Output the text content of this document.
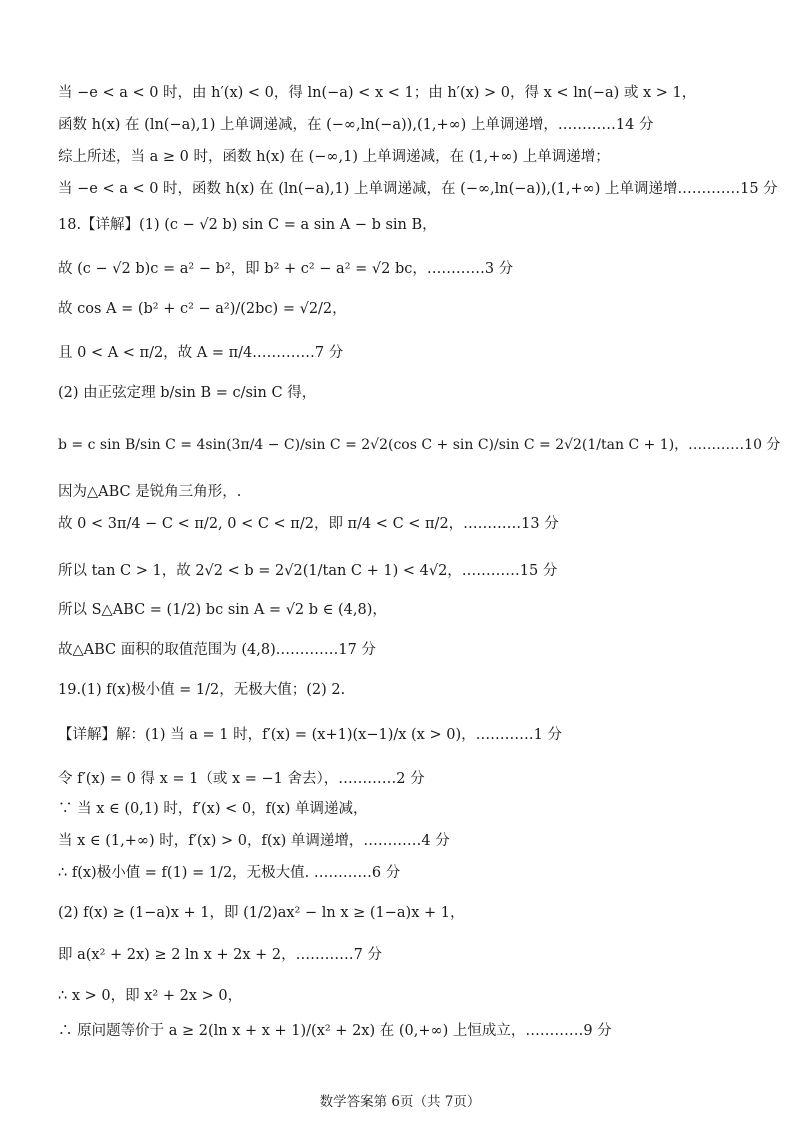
当 −e < a < 0 时，由 h′(x) < 0，得 ln(−a) < x < 1；由 h′(x) > 0，得 x < ln(−a) 或 x > 1，
函数 h(x) 在 (ln(−a),1) 上单调递减，在 (−∞,ln(−a)),(1,+∞) 上单调递增，…………14 分
综上所述，当 a ≥ 0 时，函数 h(x) 在 (−∞,1) 上单调递减，在 (1,+∞) 上单调递增；
当 −e < a < 0 时，函数 h(x) 在 (ln(−a),1) 上单调递减，在 (−∞,ln(−a)),(1,+∞) 上单调递增.…………15 分
18.【详解】(1) (c − √2 b) sin C = a sin A − b sin B，
故 (c − √2 b)c = a² − b²，即 b² + c² − a² = √2 bc，…………3 分
故 cos A = (b² + c² − a²)/(2bc) = √2/2，
且 0 < A < π/2，故 A = π/4.…………7 分
(2) 由正弦定理 b/sin B = c/sin C 得，
b = c sin B/sin C = 4sin(3π/4 − C)/sin C = 2√2(cos C + sin C)/sin C = 2√2(1/tan C + 1)，…………10 分
因为△ABC 是锐角三角形，.
故 0 < 3π/4 − C < π/2, 0 < C < π/2，即 π/4 < C < π/2，…………13 分
所以 tan C > 1，故 2√2 < b = 2√2(1/tan C + 1) < 4√2，…………15 分
所以 S△ABC = (1/2) bc sin A = √2 b ∈ (4,8)，
故△ABC 面积的取值范围为 (4,8).…………17 分
19.(1) f(x)极小值 = 1/2，无极大值；(2) 2.
【详解】解：(1) 当 a = 1 时，f′(x) = (x+1)(x−1)/x (x > 0)，…………1 分
令 f′(x) = 0 得 x = 1（或 x = −1 舍去），…………2 分
∵ 当 x ∈ (0,1) 时，f′(x) < 0，f(x) 单调递减，
当 x ∈ (1,+∞) 时，f′(x) > 0，f(x) 单调递增，…………4 分
∴ f(x)极小值 = f(1) = 1/2，无极大值. …………6 分
(2) f(x) ≥ (1−a)x + 1，即 (1/2)ax² − ln x ≥ (1−a)x + 1，
即 a(x² + 2x) ≥ 2 ln x + 2x + 2，…………7 分
∴ x > 0，即 x² + 2x > 0，
∴ 原问题等价于 a ≥ 2(ln x + x + 1)/(x² + 2x) 在 (0,+∞) 上恒成立，…………9 分
数学答案第 6页（共 7页）
